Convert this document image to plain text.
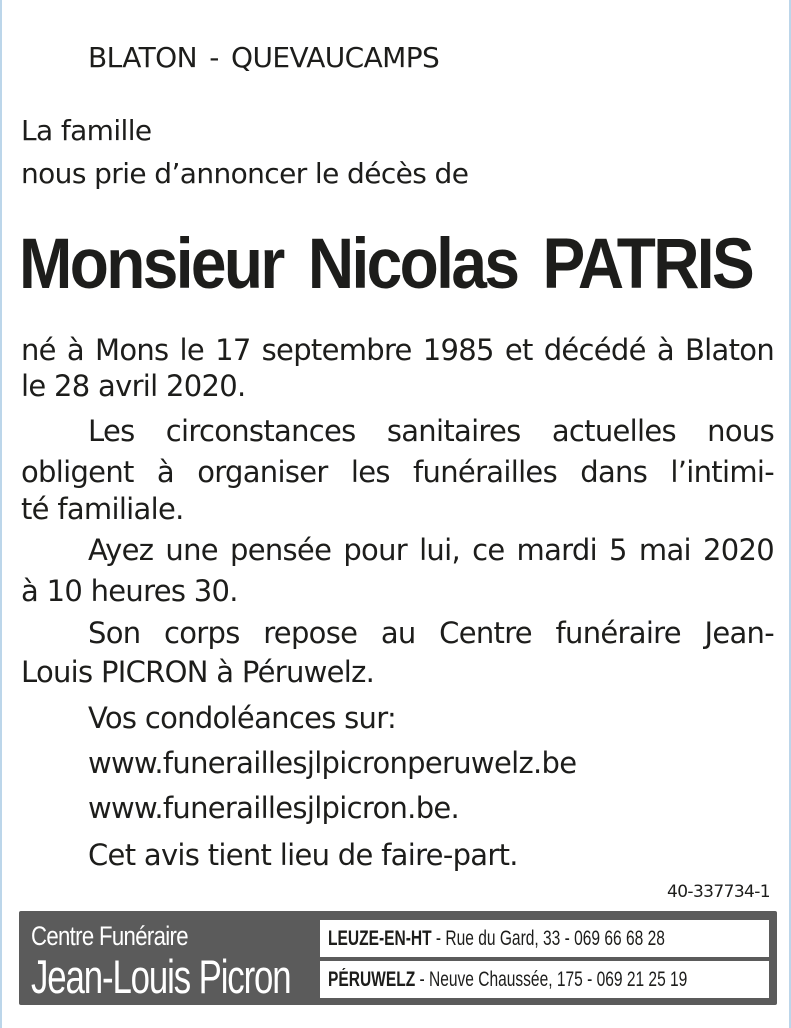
BLATON - QUEVAUCAMPS

La famille

nous prie d’annoncer le décès de

Monsieur Nicolas PATRIS

né à Mons le 17 septembre 1985 et décédé à Blaton

le 28 avril 2020.

Les circonstances sanitaires actuelles nous

obligent à organiser les funérailles dans l’intimi-

té familiale.

Ayez une pensée pour lui, ce mardi 5 mai 2020

à 10 heures 30.

Son corps repose au Centre funéraire Jean-

Louis PICRON à Péruwelz.

Vos condoléances sur:

www.funeraillesjlpicronperuwelz.be

www.funeraillesjlpicron.be.

Cet avis tient lieu de faire-part.

40-337734-1
Centre Funéraire
Jean-Louis Picron
LEUZE-EN-HT - Rue du Gard, 33 - 069 66 68 28
PÉRUWELZ - Neuve Chaussée, 175 - 069 21 25 19
